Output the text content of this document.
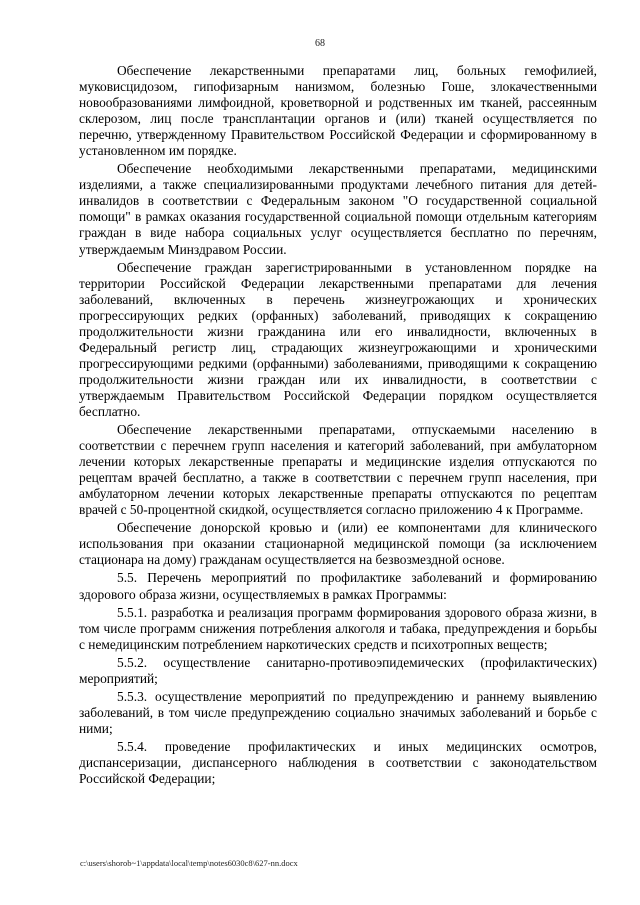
68

Обеспечение лекарственными препаратами лиц, больных гемофилией, муковисцидозом, гипофизарным нанизмом, болезнью Гоше, злокачественными новообразованиями лимфоидной, кроветворной и родственных им тканей, рассеянным склерозом, лиц после трансплантации органов и (или) тканей осуществляется по перечню, утвержденному Правительством Российской Федерации и сформированному в установленном им порядке.

Обеспечение необходимыми лекарственными препаратами, медицинскими изделиями, а также специализированными продуктами лечебного питания для детей-инвалидов в соответствии с Федеральным законом "О государственной социальной помощи" в рамках оказания государственной социальной помощи отдельным категориям граждан в виде набора социальных услуг осуществляется бесплатно по перечням, утверждаемым Минздравом России.

Обеспечение граждан зарегистрированными в установленном порядке на территории Российской Федерации лекарственными препаратами для лечения заболеваний, включенных в перечень жизнеугрожающих и хронических прогрессирующих редких (орфанных) заболеваний, приводящих к сокращению продолжительности жизни гражданина или его инвалидности, включенных в Федеральный регистр лиц, страдающих жизнеугрожающими и хроническими прогрессирующими редкими (орфанными) заболеваниями, приводящими к сокращению продолжительности жизни граждан или их инвалидности, в соответствии с утверждаемым Правительством Российской Федерации порядком осуществляется бесплатно.

Обеспечение лекарственными препаратами, отпускаемыми населению в соответствии с перечнем групп населения и категорий заболеваний, при амбулаторном лечении которых лекарственные препараты и медицинские изделия отпускаются по рецептам врачей бесплатно, а также в соответствии с перечнем групп населения, при амбулаторном лечении которых лекарственные препараты отпускаются по рецептам врачей с 50-процентной скидкой, осуществляется согласно приложению 4 к Программе.

Обеспечение донорской кровью и (или) ее компонентами для клинического использования при оказании стационарной медицинской помощи (за исключением стационара на дому) гражданам осуществляется на безвозмездной основе.

5.5. Перечень мероприятий по профилактике заболеваний и формированию здорового образа жизни, осуществляемых в рамках Программы:

5.5.1. разработка и реализация программ формирования здорового образа жизни, в том числе программ снижения потребления алкоголя и табака, предупреждения и борьбы с немедицинским потреблением наркотических средств и психотропных веществ;

5.5.2. осуществление санитарно-противоэпидемических (профилактических) мероприятий;

5.5.3. осуществление мероприятий по предупреждению и раннему выявлению заболеваний, в том числе предупреждению социально значимых заболеваний и борьбе с ними;

5.5.4. проведение профилактических и иных медицинских осмотров, диспансеризации, диспансерного наблюдения в соответствии с законодательством Российской Федерации;

c:\users\shorob~1\appdata\local\temp\notes6030c8\627-nn.docx
